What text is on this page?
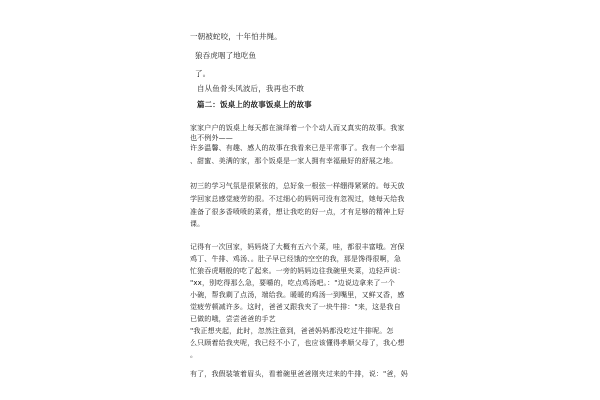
一朝被蛇咬，十年怕井绳。
狼吞虎咽了地吃鱼
了。
自从鱼骨头风波后，我再也不敢
篇二：饭桌上的故事饭桌上的故事
家家户户的饭桌上每天都在演绎着一个个动人而又真实的故事。我家
也不例外——
许多温馨、有趣、感人的故事在我看来已是平常事了。我有一个幸福
、甜蜜、美满的家，那个饭桌是一家人拥有幸福最好的舒展之地。
初三的学习气氛是很紧张的，总好象一根弦一样绷得紧紧的。每天放
学回家总感觉疲劳的很。不过细心的妈妈可没有忽视过，她每天给我
准备了很多香喷喷的菜肴，想让我吃的好一点，才有足够的精神上好
课。
记得有一次回家，妈妈烧了大概有五六个菜，哇，都很丰富哦。宫保
鸡丁、牛排、鸡汤、。肚子早已经饿的空空的我，那是馋得很啊，急
忙狼吞虎咽般的吃了起来。一旁的妈妈边往我碗里夹菜，边轻声说：
"xx，别吃得那么急，要嚼的，吃点鸡汤吧。："边说边拿来了一个
小碗，帮我剩了点汤，端给我。暖暖的鸡汤一到嘴里，又鲜又香，感
觉疲劳顿减许多。这时，爸爸又跟我夹了一块牛排："来，这是我自
已做的哦，尝尝爸爸的手艺
"我正想夹起，此时，忽然注意到，爸爸妈妈都没吃过牛排呢。怎
么只顾着给我夹呢，我已经不小了，也应该懂得孝顺父母了，我心想
。
有了，我假装皱着眉头，看着碗里爸爸刚夹过来的牛排，说："爸，妈
